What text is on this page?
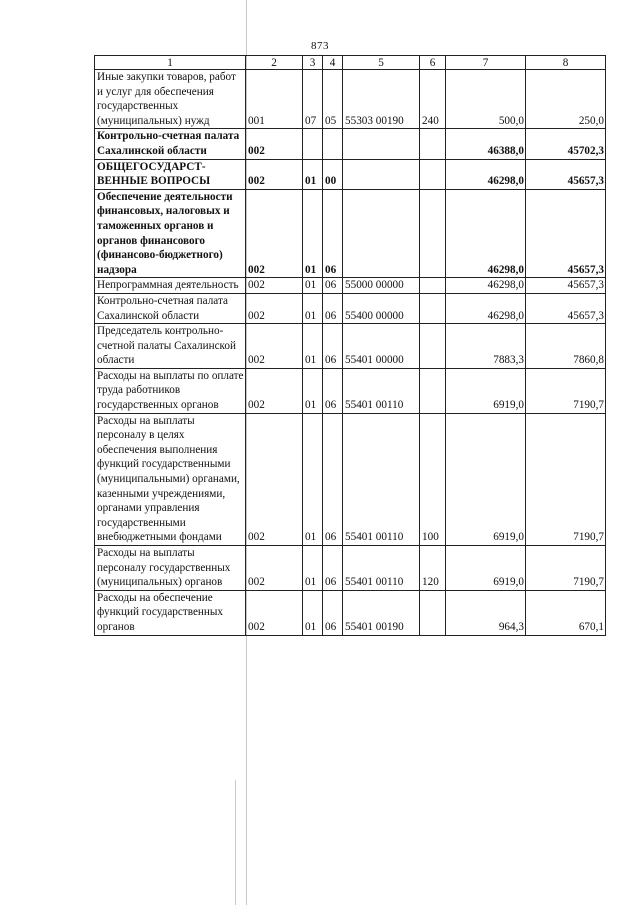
873
1	2	3	4	5	6	7	8
Иные закупки товаров, работ и услуг для обеспечения государственных (муниципальных) нужд	001	07	05	55303 00190	240	500,0	250,0
Контрольно-счетная палата Сахалинской области	002					46388,0	45702,3
ОБЩЕГОСУДАРСТ-ВЕННЫЕ ВОПРОСЫ	002	01	00			46298,0	45657,3
Обеспечение деятельности финансовых, налоговых и таможенных органов и органов финансового (финансово-бюджетного) надзора	002	01	06			46298,0	45657,3
Непрограммная деятельность	002	01	06	55000 00000		46298,0	45657,3
Контрольно-счетная палата Сахалинской области	002	01	06	55400 00000		46298,0	45657,3
Председатель контрольно-счетной палаты Сахалинской области	002	01	06	55401 00000		7883,3	7860,8
Расходы на выплаты по оплате труда работников государственных органов	002	01	06	55401 00110		6919,0	7190,7
Расходы на выплаты персоналу в целях обеспечения выполнения функций государственными (муниципальными) органами, казенными учреждениями, органами управления государственными внебюджетными фондами	002	01	06	55401 00110	100	6919,0	7190,7
Расходы на выплаты персоналу государственных (муниципальных) органов	002	01	06	55401 00110	120	6919,0	7190,7
Расходы на обеспечение функций государственных органов	002	01	06	55401 00190		964,3	670,1
